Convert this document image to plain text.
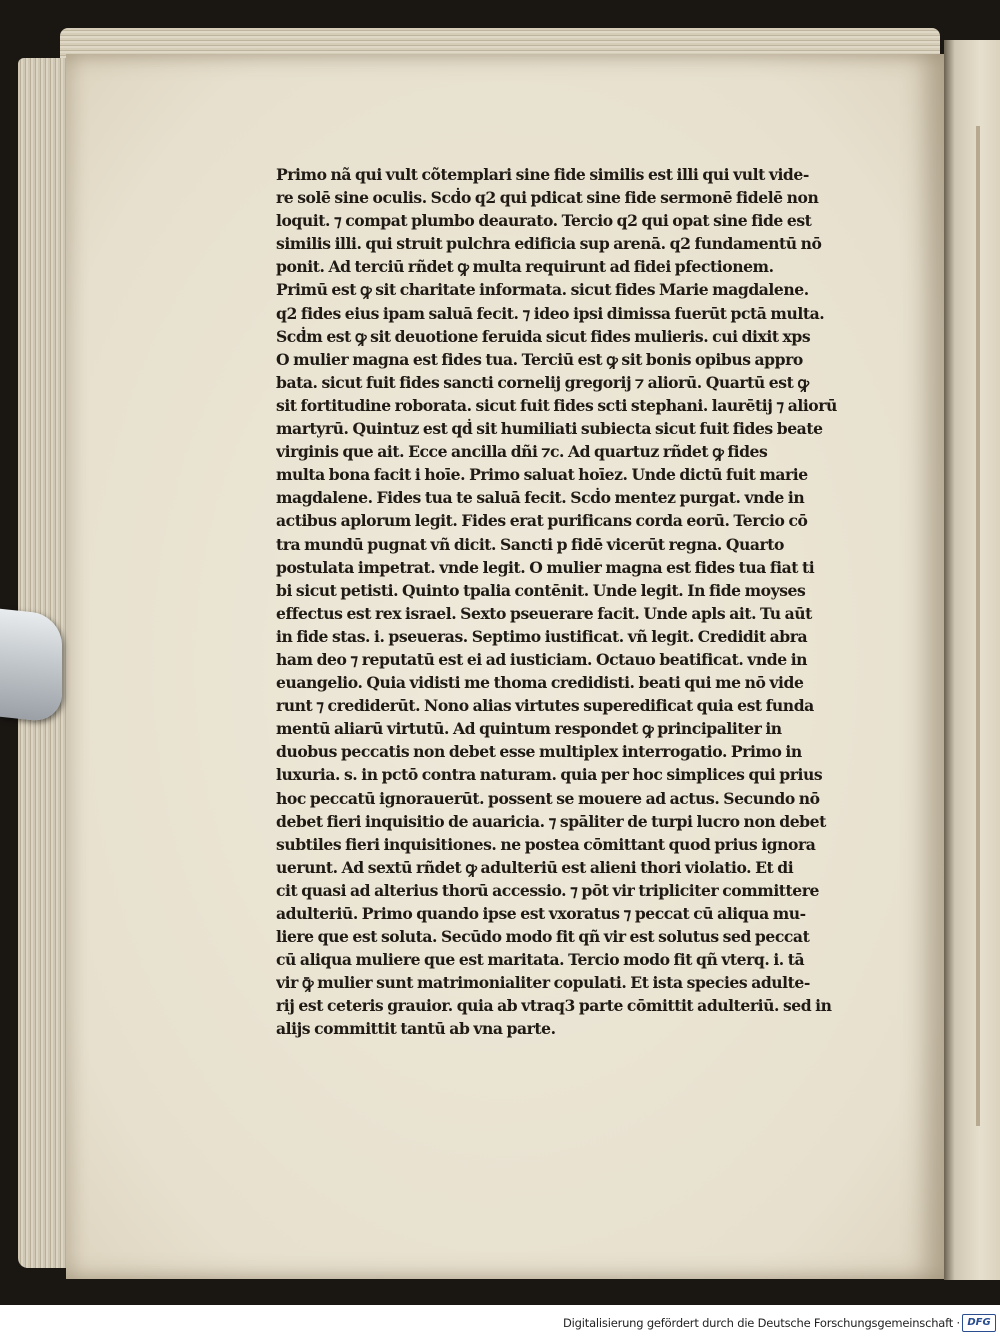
Primo nã qui vult cõtemplari sine fide similis est illi qui vult vide-
re solē sine oculis. Scḋo q2 qui pdicat sine fide sermonē fidelē non
loquit. ⁊ compat plumbo deaurato. Tercio q2 qui opat sine fide est
similis illi. qui struit pulchra edificia sup arenā. q2 fundamentū nō
ponit. Ad terciū rñdet ꝙ multa requirunt ad fidei pfectionem.
Primū est ꝙ sit charitate informata. sicut fides Marie magdalene.
q2 fides eius ipam saluā fecit. ⁊ ideo ipsi dimissa fuerūt pctā multa.
Scḋm est ꝙ sit deuotione feruida sicut fides mulieris. cui dixit xps
O mulier magna est fides tua. Terciū est ꝙ sit bonis opibus appro
bata. sicut fuit fides sancti cornelij gregorij ⁊ aliorū. Quartū est ꝙ
sit fortitudine roborata. sicut fuit fides scti stephani. laurētij ⁊ aliorū
martyrū. Quintuz est qḋ sit humiliati subiecta sicut fuit fides beate
virginis que ait. Ecce ancilla dñi ⁊c. Ad quartuz rñdet ꝙ fides
multa bona facit i hoīe. Primo saluat hoīez. Unde dictū fuit marie
magdalene. Fides tua te saluā fecit. Scḋo mentez purgat. vnde in
actibus aplorum legit. Fides erat purificans corda eorū. Tercio cō
tra mundū pugnat vñ dicit. Sancti p fidē vicerūt regna. Quarto
postulata impetrat. vnde legit. O mulier magna est fides tua fiat ti
bi sicut petisti. Quinto tpalia contēnit. Unde legit. In fide moyses
effectus est rex israel. Sexto pseuerare facit. Unde apls ait. Tu aūt
in fide stas. i. pseueras. Septimo iustificat. vñ legit. Credidit abra
ham deo ⁊ reputatū est ei ad iusticiam. Octauo beatificat. vnde in
euangelio. Quia vidisti me thoma credidisti. beati qui me nō vide
runt ⁊ crediderūt. Nono alias virtutes superedificat quia est funda
mentū aliarū virtutū. Ad quintum respondet ꝙ principaliter in
duobus peccatis non debet esse multiplex interrogatio. Primo in
luxuria. s. in pctō contra naturam. quia per hoc simplices qui prius
hoc peccatū ignorauerūt. possent se mouere ad actus. Secundo nō
debet fieri inquisitio de auaricia. ⁊ spāliter de turpi lucro non debet
subtiles fieri inquisitiones. ne postea cōmittant quod prius ignora
uerunt. Ad sextū rñdet ꝙ adulteriū est alieni thori violatio. Et di
cit quasi ad alterius thorū accessio. ⁊ pōt vir tripliciter committere
adulteriū. Primo quando ipse est vxoratus ⁊ peccat cū aliqua mu-
liere que est soluta. Secūdo modo fit qñ vir est solutus sed peccat
cū aliqua muliere que est maritata. Tercio modo fit qñ vterq. i. tā
vir ꝙ̄ mulier sunt matrimonialiter copulati. Et ista species adulte-
rij est ceteris grauior. quia ab vtraq3 parte cōmittit adulteriū. sed in
alijs committit tantū ab vna parte.
Digitalisierung gefördert durch die Deutsche Forschungsgemeinschaft · DFG
